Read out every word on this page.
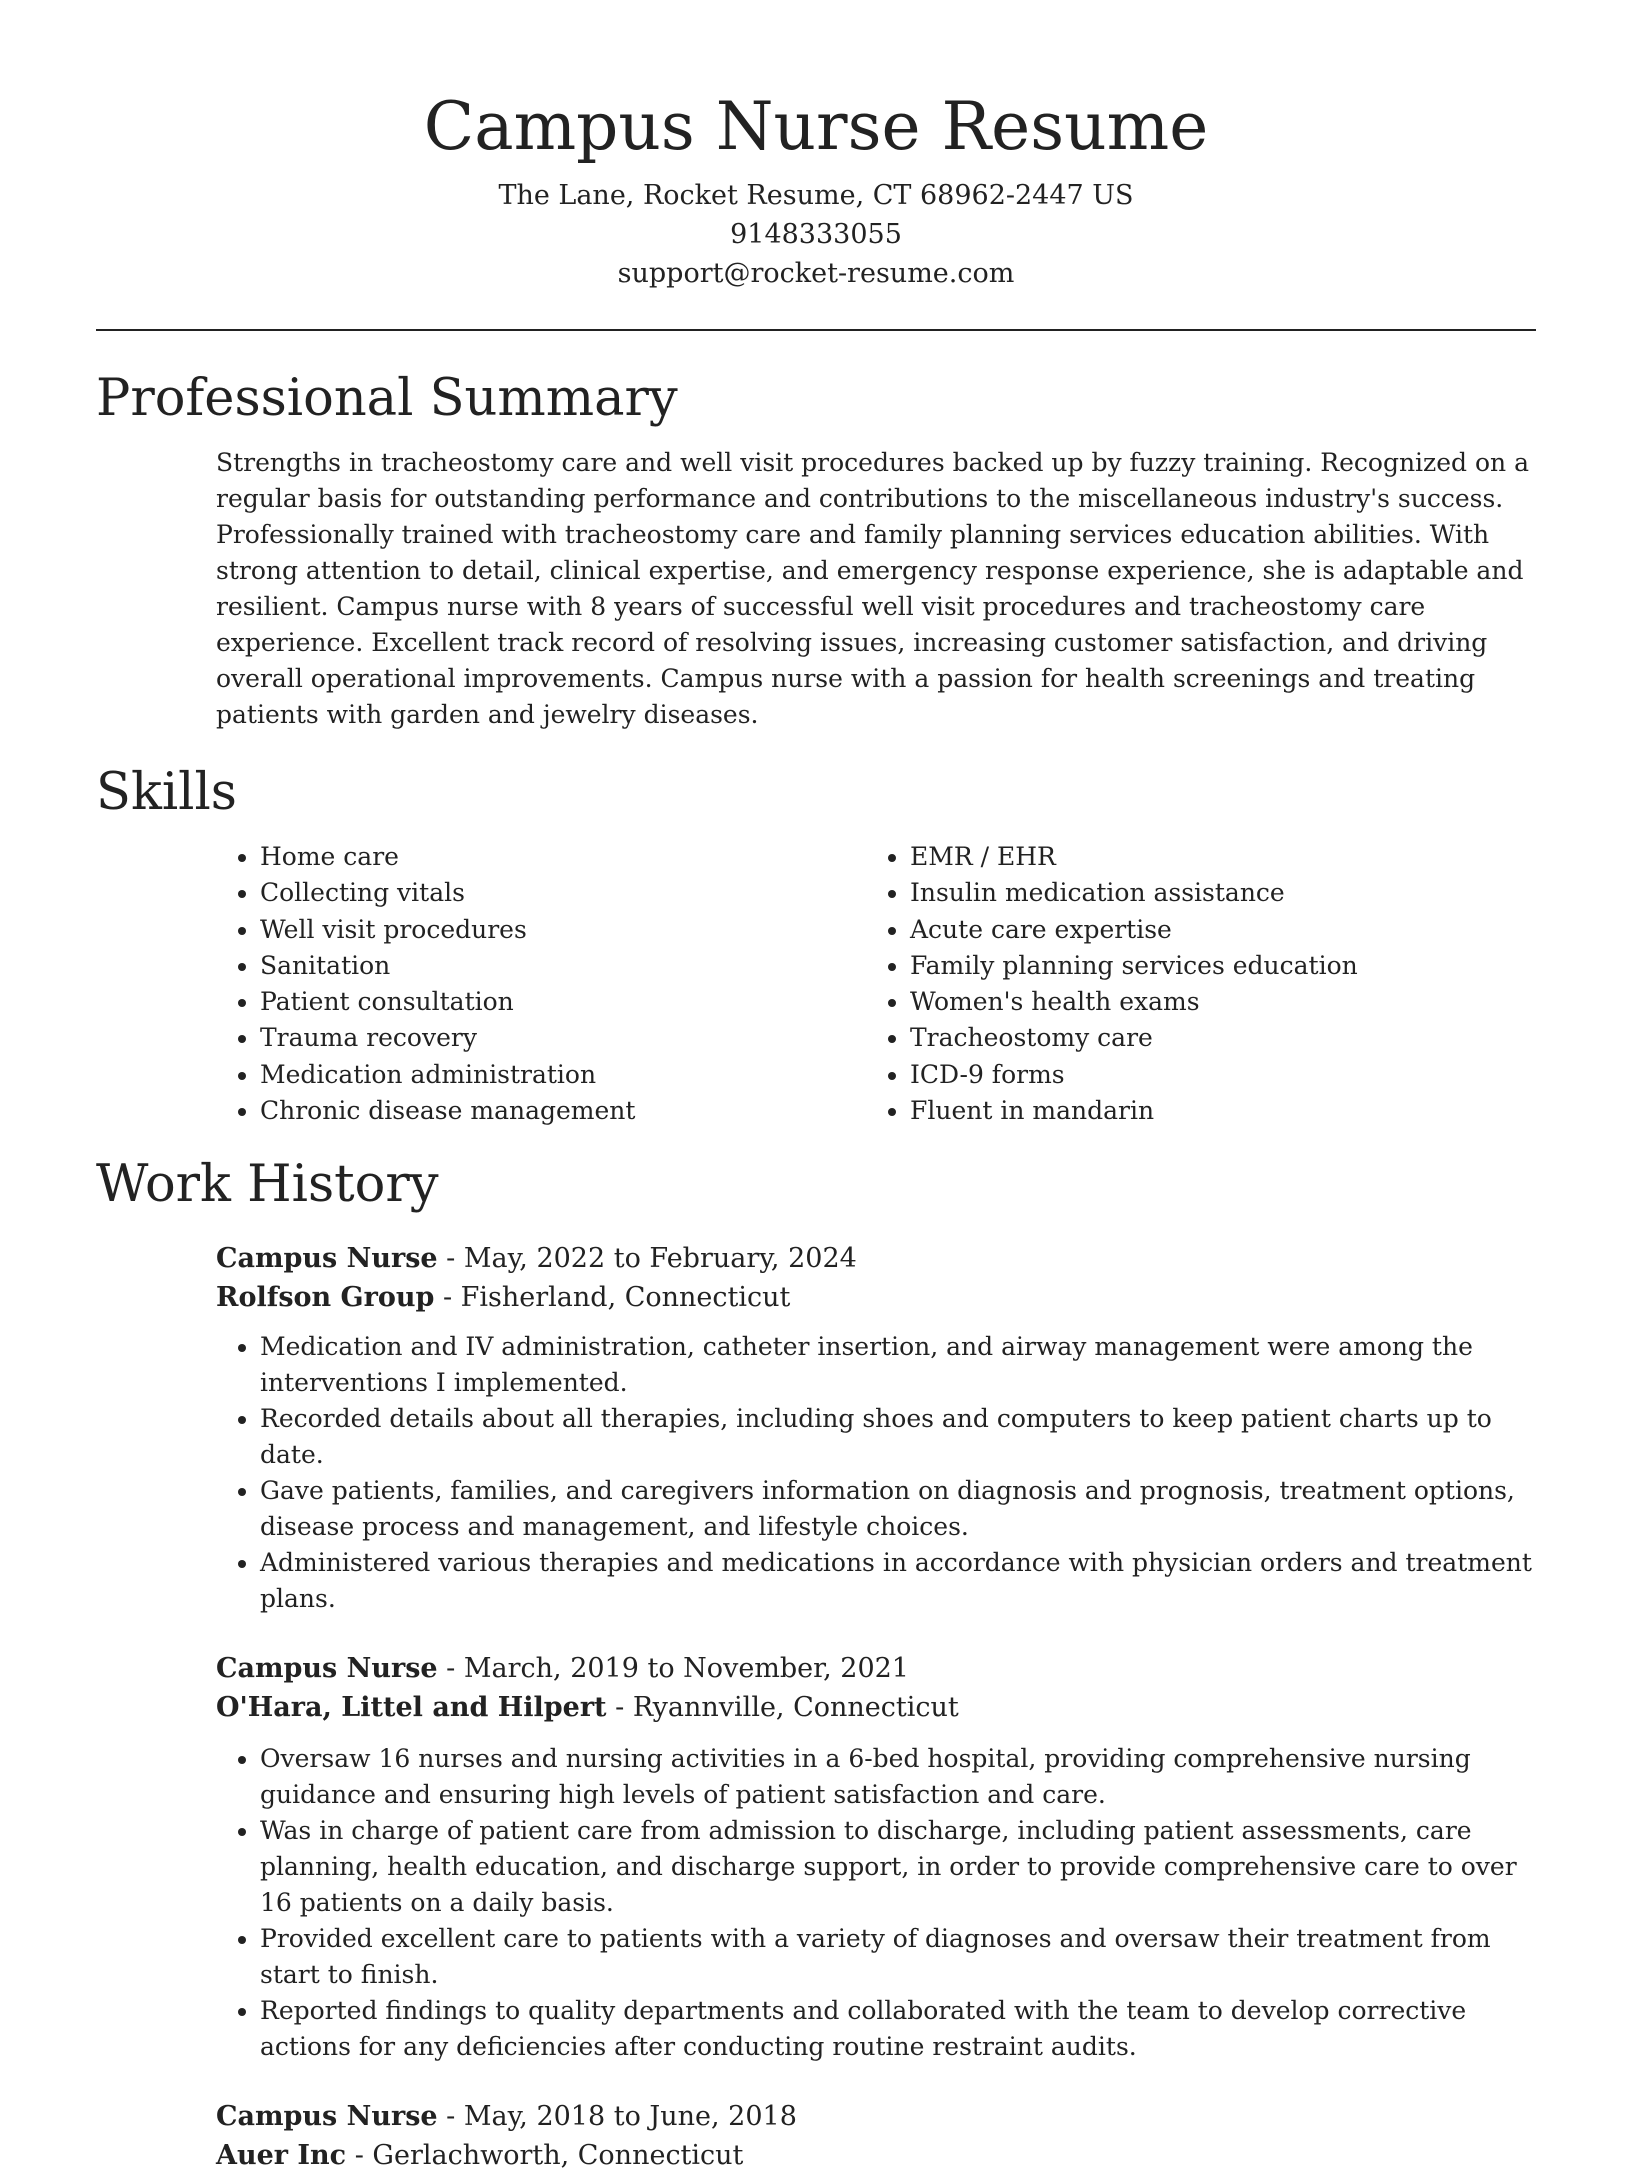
Campus Nurse Resume

The Lane, Rocket Resume, CT 68962-2447 US

9148333055

support@rocket-resume.com

Professional Summary

Strengths in tracheostomy care and well visit procedures backed up by fuzzy training. Recognized on a regular basis for outstanding performance and contributions to the miscellaneous industry's success. Professionally trained with tracheostomy care and family planning services education abilities. With strong attention to detail, clinical expertise, and emergency response experience, she is adaptable and resilient. Campus nurse with 8 years of successful well visit procedures and tracheostomy care experience. Excellent track record of resolving issues, increasing customer satisfaction, and driving overall operational improvements. Campus nurse with a passion for health screenings and treating patients with garden and jewelry diseases.

Skills
• Home care
• Collecting vitals
• Well visit procedures
• Sanitation
• Patient consultation
• Trauma recovery
• Medication administration
• Chronic disease management
• EMR / EHR
• Insulin medication assistance
• Acute care expertise
• Family planning services education
• Women's health exams
• Tracheostomy care
• ICD-9 forms
• Fluent in mandarin
Work History

Campus Nurse - May, 2022 to February, 2024

Rolfson Group - Fisherland, Connecticut

• Medication and IV administration, catheter insertion, and airway management were among the interventions I implemented.
• Recorded details about all therapies, including shoes and computers to keep patient charts up to date.
• Gave patients, families, and caregivers information on diagnosis and prognosis, treatment options, disease process and management, and lifestyle choices.
• Administered various therapies and medications in accordance with physician orders and treatment plans.

Campus Nurse - March, 2019 to November, 2021

O'Hara, Littel and Hilpert - Ryannville, Connecticut

• Oversaw 16 nurses and nursing activities in a 6-bed hospital, providing comprehensive nursing guidance and ensuring high levels of patient satisfaction and care.
• Was in charge of patient care from admission to discharge, including patient assessments, care planning, health education, and discharge support, in order to provide comprehensive care to over 16 patients on a daily basis.
• Provided excellent care to patients with a variety of diagnoses and oversaw their treatment from start to finish.
• Reported findings to quality departments and collaborated with the team to develop corrective actions for any deficiencies after conducting routine restraint audits.

Campus Nurse - May, 2018 to June, 2018

Auer Inc - Gerlachworth, Connecticut
